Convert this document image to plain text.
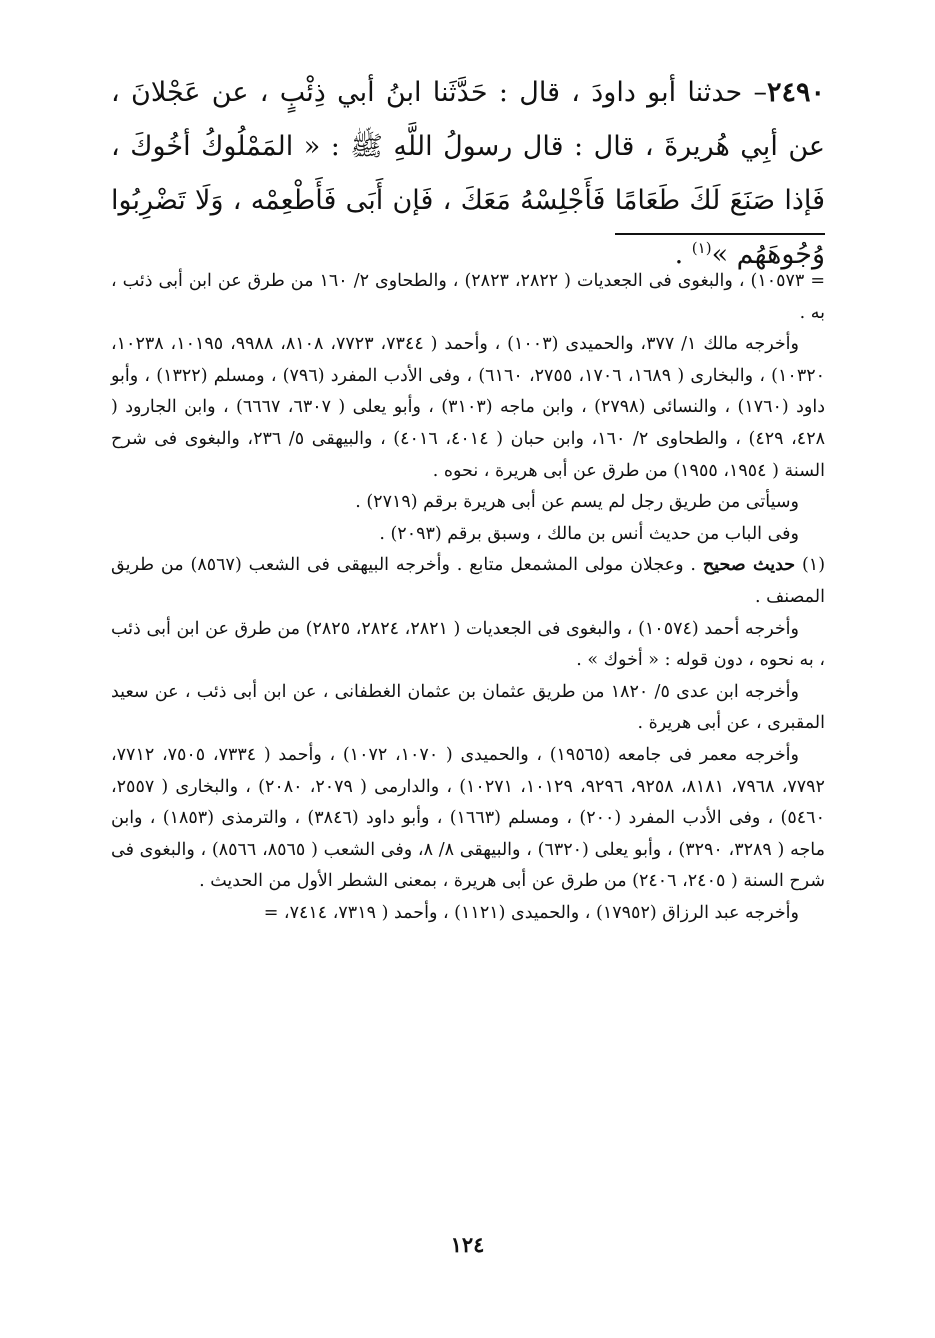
٢٤٩٠– حدثنا أبو داودَ ، قال : حَدَّثَنا ابنُ أبي ذِئْبٍ ، عن عَجْلانَ ، عن أبِي هُريرةَ ، قال : قال رسولُ اللَّهِ ﷺ : « المَمْلُوكُ أخُوكَ ، فَإذا صَنَعَ لَكَ طَعَامًا فَأَجْلِسْهُ مَعَكَ ، فَإن أَبَى فَأَطْعِمْه ، وَلَا تَضْرِبُوا وُجُوهَهُم »$^{(١)}$ .

= ١٠٥٧٣) ، والبغوى فى الجعديات ( ٢٨٢٢، ٢٨٢٣) ، والطحاوى ٢/ ١٦٠ من طرق عن ابن أبى ذئب ، به .

وأخرجه مالك ١/ ٣٧٧، والحميدى (١٠٠٣) ، وأحمد ( ٧٣٤٤، ٧٧٢٣، ٨١٠٨، ٩٩٨٨، ١٠١٩٥، ١٠٢٣٨، ١٠٣٢٠) ، والبخارى ( ١٦٨٩، ١٧٠٦، ٢٧٥٥، ٦١٦٠) ، وفى الأدب المفرد (٧٩٦) ، ومسلم (١٣٢٢) ، وأبو داود (١٧٦٠) ، والنسائى (٢٧٩٨) ، وابن ماجه (٣١٠٣) ، وأبو يعلى ( ٦٣٠٧، ٦٦٦٧) ، وابن الجارود ( ٤٢٨، ٤٢٩) ، والطحاوى ٢/ ١٦٠، وابن حبان ( ٤٠١٤، ٤٠١٦) ، والبيهقى ٥/ ٢٣٦، والبغوى فى شرح السنة ( ١٩٥٤، ١٩٥٥) من طرق عن أبى هريرة ، نحوه .

وسيأتى من طريق رجل لم يسم عن أبى هريرة برقم (٢٧١٩) .

وفى الباب من حديث أنس بن مالك ، وسبق برقم (٢٠٩٣) .

(١) حديث صحيح . وعجلان مولى المشمعل متابع . وأخرجه البيهقى فى الشعب (٨٥٦٧) من طريق المصنف .

وأخرجه أحمد (١٠٥٧٤) ، والبغوى فى الجعديات ( ٢٨٢١، ٢٨٢٤، ٢٨٢٥) من طرق عن ابن أبى ذئب ، به نحوه ، دون قوله : « أخوك » .

وأخرجه ابن عدى ٥/ ١٨٢٠ من طريق عثمان بن عثمان الغطفانى ، عن ابن أبى ذئب ، عن سعيد المقبرى ، عن أبى هريرة .

وأخرجه معمر فى جامعه (١٩٥٦٥) ، والحميدى ( ١٠٧٠، ١٠٧٢) ، وأحمد ( ٧٣٣٤، ٧٥٠٥، ٧٧١٢، ٧٧٩٢، ٧٩٦٨، ٨١٨١، ٩٢٥٨، ٩٢٩٦، ١٠١٢٩، ١٠٢٧١) ، والدارمى ( ٢٠٧٩، ٢٠٨٠) ، والبخارى ( ٢٥٥٧، ٥٤٦٠) ، وفى الأدب المفرد (٢٠٠) ، ومسلم (١٦٦٣) ، وأبو داود (٣٨٤٦) ، والترمذى (١٨٥٣) ، وابن ماجه ( ٣٢٨٩، ٣٢٩٠) ، وأبو يعلى (٦٣٢٠) ، والبيهقى ٨/ ٨، وفى الشعب ( ٨٥٦٥، ٨٥٦٦) ، والبغوى فى شرح السنة ( ٢٤٠٥، ٢٤٠٦) من طرق عن أبى هريرة ، بمعنى الشطر الأول من الحديث .

وأخرجه عبد الرزاق (١٧٩٥٢) ، والحميدى (١١٢١) ، وأحمد ( ٧٣١٩، ٧٤١٤، =

١٢٤
